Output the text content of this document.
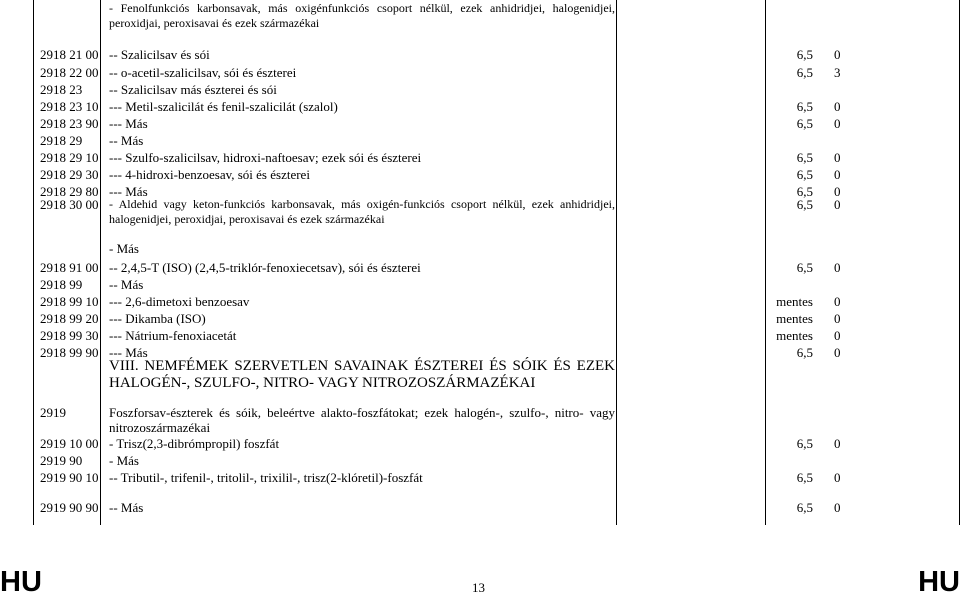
- Fenolfunkciós karbonsavak, más oxigénfunkciós csoport nélkül, ezek anhidridjei, halogenidjei, peroxidjai, peroxisavai és ezek származékai
2918 21 00 -- Szalicilsav és sói	6,5 0
2918 22 00 -- o-acetil-szalicilsav, sói és észterei	6,5 3
2918 23 -- Szalicilsav más észterei és sói
2918 23 10 --- Metil-szalicilát és fenil-szalicilát (szalol)	6,5 0
2918 23 90 --- Más	6,5 0
2918 29 -- Más
2918 29 10 --- Szulfo-szalicilsav, hidroxi-naftoesav; ezek sói és észterei	6,5 0
2918 29 30 --- 4-hidroxi-benzoesav, sói és észterei	6,5 0
2918 29 80 --- Más	6,5 0
2918 30 00 - Aldehid vagy keton-funkciós karbonsavak, más oxigén-funkciós csoport nélkül, ezek anhidridjei, halogenidjei, peroxidjai, peroxisavai és ezek származékai
6,5 0
- Más
2918 91 00 -- 2,4,5-T (ISO) (2,4,5-triklór-fenoxiecetsav), sói és észterei	6,5 0
2918 99 -- Más
2918 99 10 --- 2,6-dimetoxi benzoesav	mentes 0
2918 99 20 --- Dikamba (ISO)	mentes 0
2918 99 30 --- Nátrium-fenoxiacetát	mentes 0
2918 99 90 --- Más	6,5 0
VIII. NEMFÉMEK SZERVETLEN SAVAINAK ÉSZTEREI ÉS SÓIK ÉS EZEK HALOGÉN-, SZULFO-, NITRO- VAGY NITROZOSZÁRMAZÉKAI
2919	Foszforsav-észterek és sóik, beleértve alakto-foszfátokat; ezek halogén-, szulfo-, nitro- vagy nitrozoszármazékai
2919 10 00 - Trisz(2,3-dibrómpropil) foszfát	6,5 0
2919 90 - Más
2919 90 10 -- Tributil-, trifenil-, tritolil-, trixilil-, trisz(2-klóretil)-foszfát	6,5 0
2919 90 90 -- Más	6,5 0
HU	13	HU
